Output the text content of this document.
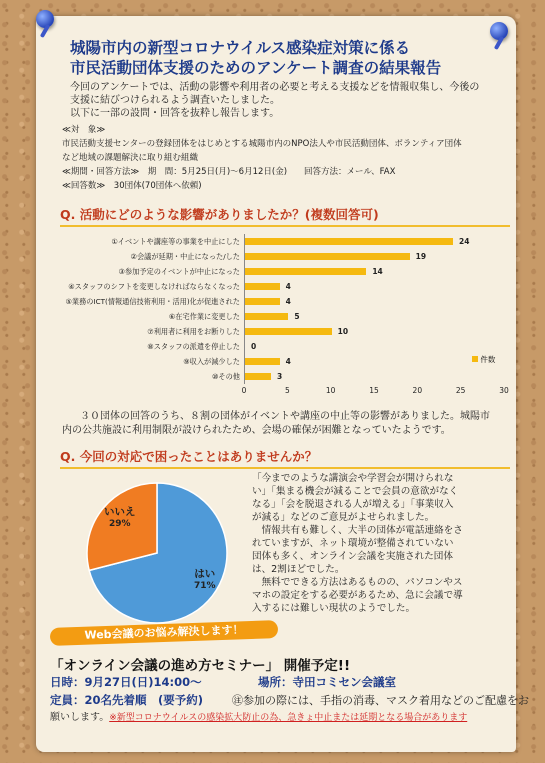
城陽市内の新型コロナウイルス感染症対策に係る
市民活動団体支援のためのアンケート調査の結果報告
今回のアンケートでは、活動の影響や利用者の必要と考える支援などを情報収集し、今後の
支援に結びつけられるよう調査いたしました。
以下に一部の設問・回答を抜粋し報告します。
≪対　象≫
市民活動支援センターの登録団体をはじめとする城陽市内のNPO法人や市民活動団体、ボランティア団体
など地域の課題解決に取り組む組織
≪期間・回答方法≫　期　間：5月25日(月)〜6月12日(金)　　回答方法：メール、FAX
≪回答数≫　30団体(70団体へ依頼)
Q. 活動にどのような影響がありましたか？(複数回答可)
①イベントや講座等の事業を中止にした
②会議が延期・中止になった/した
③参加予定のイベントが中止になった
④スタッフのシフトを変更しなければならなくなった
⑤業務のICT(情報通信技術利用・活用)化が促進された
⑥在宅作業に変更した
⑦利用者に利用をお断りした
⑧スタッフの派遣を停止した
⑨収入が減少した
⑩その他
24
19
14
4
4
5
10
0
4
3
0	5	10	15	20	25	30
件数
３０団体の回答のうち、８割の団体がイベントや講座の中止等の影響がありました。城陽市
内の公共施設に利用制限が設けられたため、会場の確保が困難となっていたようです。
Q. 今回の対応で困ったことはありませんか？
いいえ
29%
はい
71%
「今までのような講演会や学習会が開けられな
い」「集まる機会が減ることで会員の意欲がなく
なる」「会を脱退される人が増える」「事業収入
が減る」などのご意見がよせられました。
　情報共有も難しく、大半の団体が電話連絡をさ
れていますが、ネット環境が整備されていない
団体も多く、オンライン会議を実施された団体
は、2割ほどでした。
　無料でできる方法はあるものの、パソコンやス
マホの設定をする必要があるため、急に会議で導
入するには難しい現状のようでした。
Web会議のお悩み解決します！
「オンライン会議の進め方セミナー」 開催予定!!
日時：9月27日(日)14:00〜	場所：寺田コミセン会議室
定員：20名先着順　(要予約)	㊟参加の際には、手指の消毒、マスク着用などのご配慮をお
願いします。※新型コロナウイルスの感染拡大防止の為、急きょ中止または延期となる場合があります
